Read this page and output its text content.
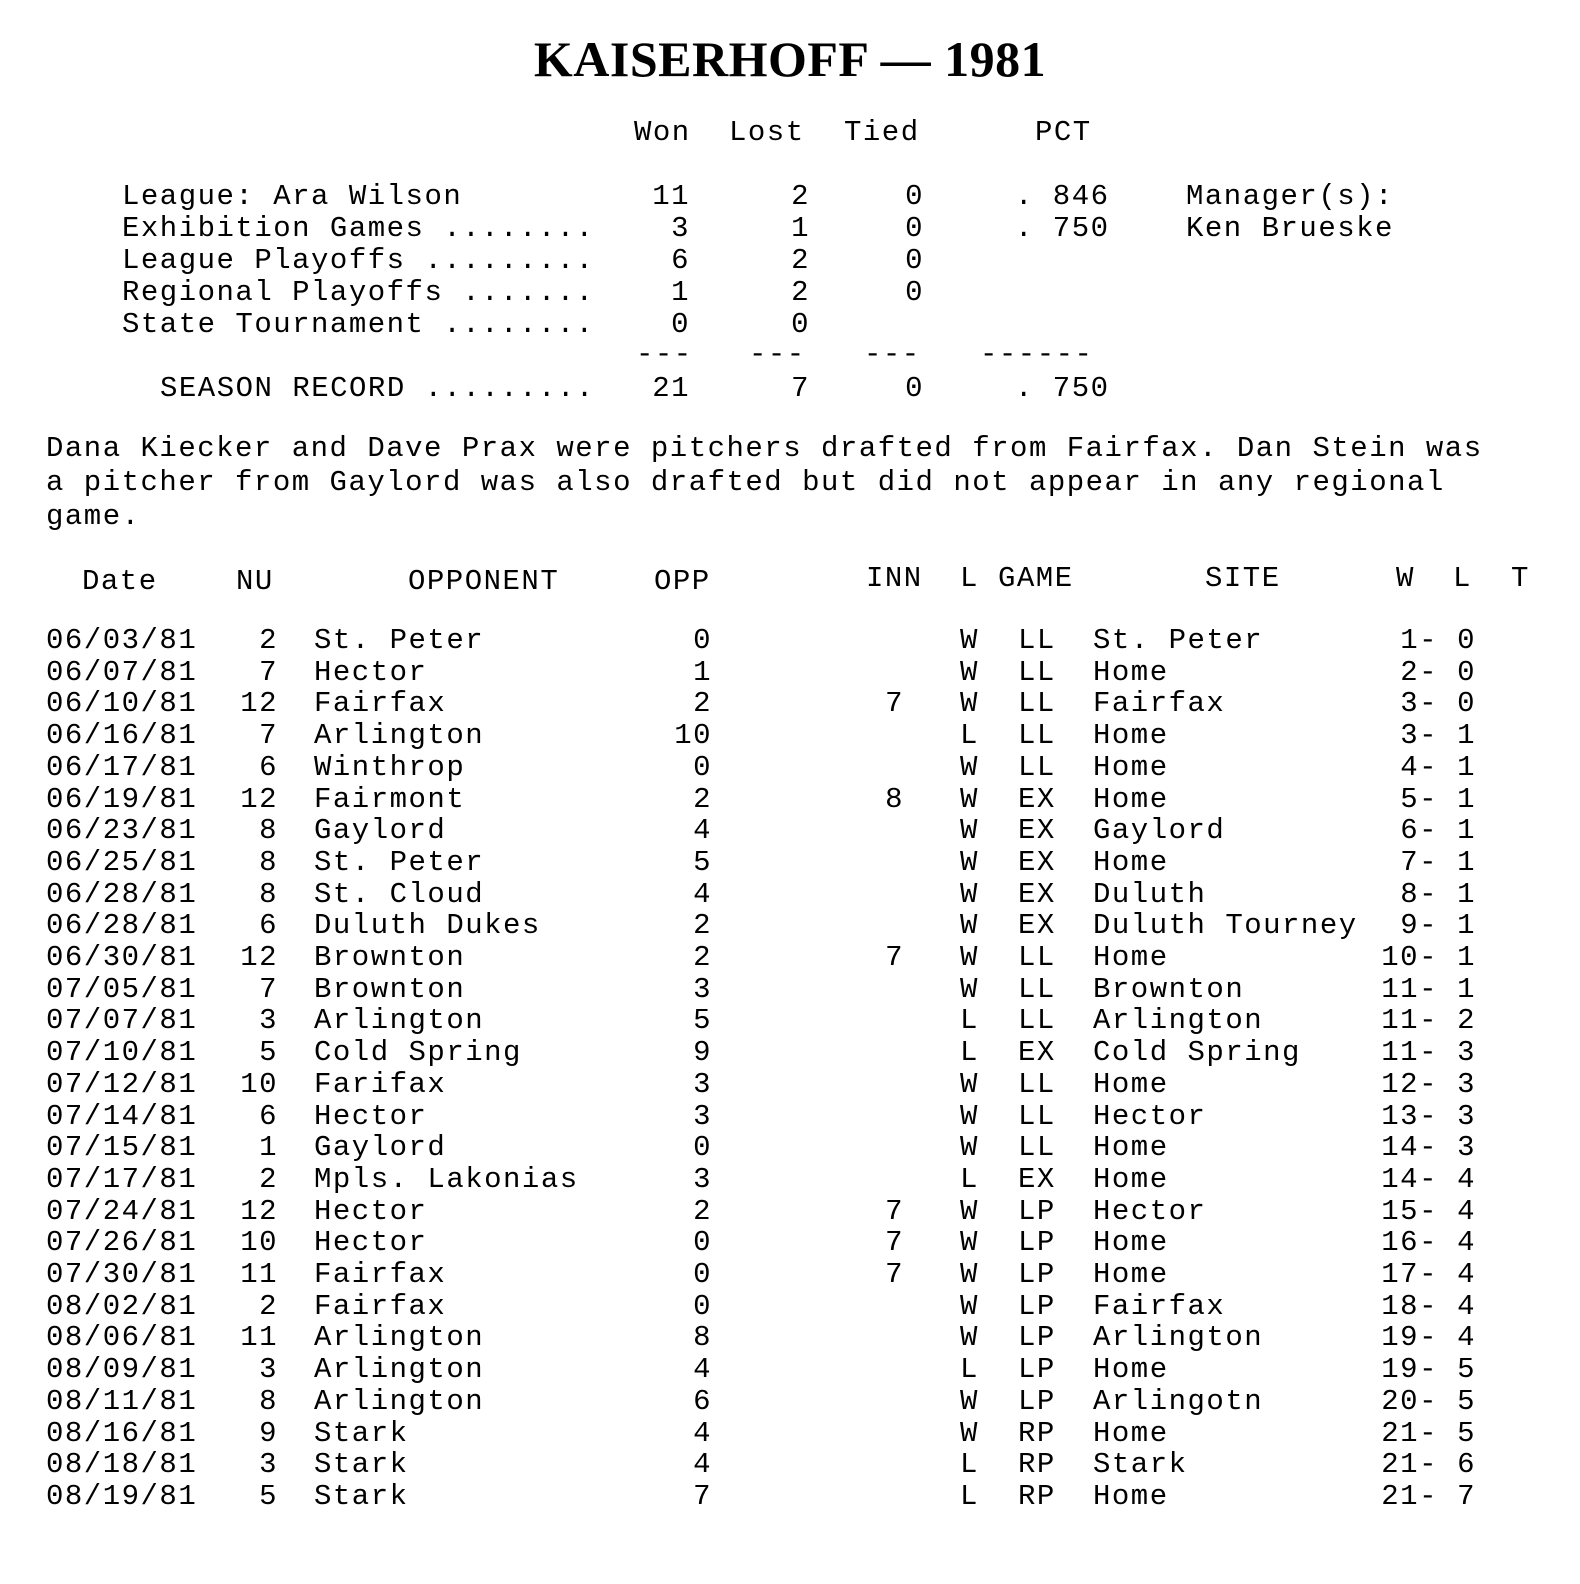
KAISERHOFF — 1981
Won Lost Tied	PCT
League: Ara Wilson	11	2	0	. 846
Exhibition Games ........	3	1	0	. 750
League Playoffs .........	6	2	0
Regional Playoffs .......	1	2	0
State Tournament ........	0	0
--- --- --- ------
SEASON RECORD .........	21	7	0	. 750
Manager(s):
Ken Brueske
Dana Kiecker and Dave Prax were pitchers drafted from Fairfax. Dan Stein was
a pitcher from Gaylord was also drafted but did not appear in any regional
game.
Date	NU	OPPONENT	OPP	INN L GAME	SITE	W L T
06/03/81	2 St. Peter	0	W LL St. Peter	1- 0
06/07/81	7 Hector	1	W LL Home	2- 0
06/10/81	12 Fairfax	2	7 W LL Fairfax	3- 0
06/16/81	7 Arlington	10	L LL Home	3- 1
06/17/81	6 Winthrop	0	W LL Home	4- 1
06/19/81	12 Fairmont	2	8 W EX Home	5- 1
06/23/81	8 Gaylord	4	W EX Gaylord	6- 1
06/25/81	8 St. Peter	5	W EX Home	7- 1
06/28/81	8 St. Cloud	4	W EX Duluth	8- 1
06/28/81	6 Duluth Dukes	2	W EX Duluth Tourney	9- 1
06/30/81	12 Brownton	2	7 W LL Home	10- 1
07/05/81	7 Brownton	3	W LL Brownton	11- 1
07/07/81	3 Arlington	5	L LL Arlington	11- 2
07/10/81	5 Cold Spring	9	L EX Cold Spring	11- 3
07/12/81	10 Farifax	3	W LL Home	12- 3
07/14/81	6 Hector	3	W LL Hector	13- 3
07/15/81	1 Gaylord	0	W LL Home	14- 3
07/17/81	2 Mpls. Lakonias	3	L EX Home	14- 4
07/24/81	12 Hector	2	7 W LP Hector	15- 4
07/26/81	10 Hector	0	7 W LP Home	16- 4
07/30/81	11 Fairfax	0	7 W LP Home	17- 4
08/02/81	2 Fairfax	0	W LP Fairfax	18- 4
08/06/81	11 Arlington	8	W LP Arlington	19- 4
08/09/81	3 Arlington	4	L LP Home	19- 5
08/11/81	8 Arlington	6	W LP Arlingotn	20- 5
08/16/81	9 Stark	4	W RP Home	21- 5
08/18/81	3 Stark	4	L RP Stark	21- 6
08/19/81	5 Stark	7	L RP Home	21- 7
